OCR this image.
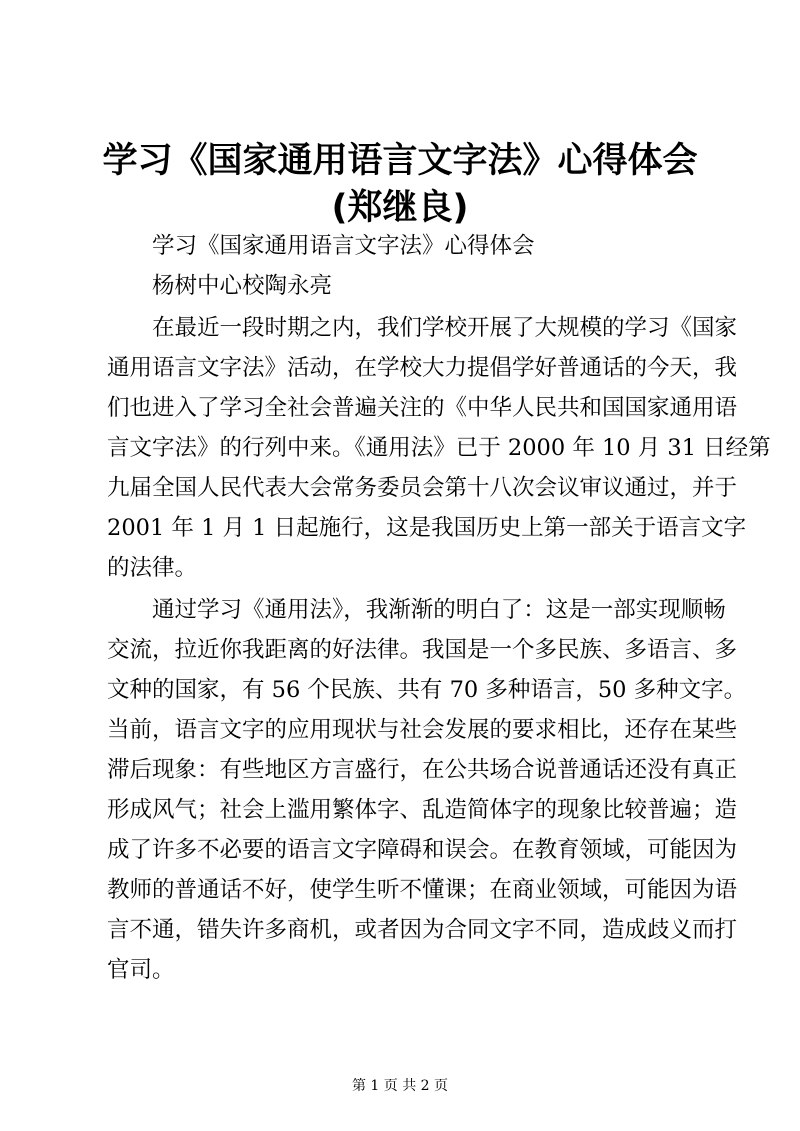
学习《国家通用语言文字法》心得体会(郑继良)
学习《国家通用语言文字法》心得体会
杨树中心校陶永亮
在最近一段时期之内，我们学校开展了大规模的学习《国家
通用语言文字法》活动，在学校大力提倡学好普通话的今天，我
们也进入了学习全社会普遍关注的《中华人民共和国国家通用语
言文字法》的行列中来。《通用法》已于 2000 年 10 月 31 日经第
九届全国人民代表大会常务委员会第十八次会议审议通过，并于
2001 年 1 月 1 日起施行，这是我国历史上第一部关于语言文字
的法律。
通过学习《通用法》，我渐渐的明白了：这是一部实现顺畅
交流，拉近你我距离的好法律。我国是一个多民族、多语言、多
文种的国家，有 56 个民族、共有 70 多种语言，50 多种文字。
当前，语言文字的应用现状与社会发展的要求相比，还存在某些
滞后现象：有些地区方言盛行，在公共场合说普通话还没有真正
形成风气；社会上滥用繁体字、乱造简体字的现象比较普遍；造
成了许多不必要的语言文字障碍和误会。在教育领域，可能因为
教师的普通话不好，使学生听不懂课；在商业领域，可能因为语
言不通，错失许多商机，或者因为合同文字不同，造成歧义而打
官司。
第 1 页 共 2 页
